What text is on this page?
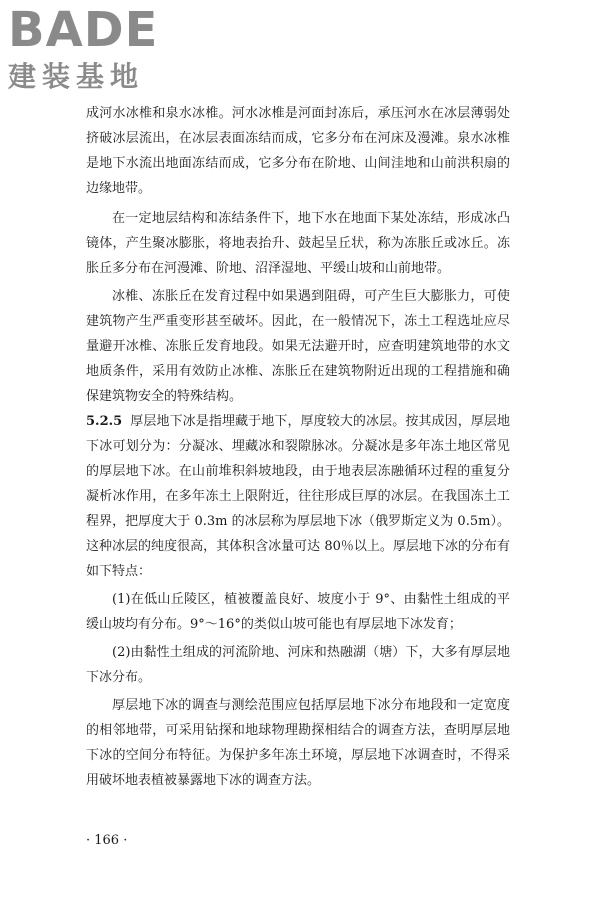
BADE
建装基地

成河水冰椎和泉水冰椎。河水冰椎是河面封冻后，承压河水在冰层薄弱处挤破冰层流出，在冰层表面冻结而成，它多分布在河床及漫滩。泉水冰椎是地下水流出地面冻结而成，它多分布在阶地、山间洼地和山前洪积扇的边缘地带。

在一定地层结构和冻结条件下，地下水在地面下某处冻结，形成冰凸镜体，产生聚冰膨胀，将地表抬升、鼓起呈丘状，称为冻胀丘或冰丘。冻胀丘多分布在河漫滩、阶地、沼泽湿地、平缓山坡和山前地带。

冰椎、冻胀丘在发育过程中如果遇到阻碍，可产生巨大膨胀力，可使建筑物产生严重变形甚至破坏。因此，在一般情况下，冻土工程选址应尽量避开冰椎、冻胀丘发育地段。如果无法避开时，应查明建筑地带的水文地质条件，采用有效防止冰椎、冻胀丘在建筑物附近出现的工程措施和确保建筑物安全的特殊结构。

5.2.5 厚层地下冰是指埋藏于地下，厚度较大的冰层。按其成因，厚层地下冰可划分为：分凝冰、埋藏冰和裂隙脉冰。分凝冰是多年冻土地区常见的厚层地下冰。在山前堆积斜坡地段，由于地表层冻融循环过程的重复分凝析冰作用，在多年冻土上限附近，往往形成巨厚的冰层。在我国冻土工程界，把厚度大于 0.3m 的冰层称为厚层地下冰（俄罗斯定义为 0.5m）。这种冰层的纯度很高，其体积含冰量可达 80％以上。厚层地下冰的分布有如下特点：

(1)在低山丘陵区，植被覆盖良好、坡度小于 9°、由黏性土组成的平缓山坡均有分布。9°～16°的类似山坡可能也有厚层地下冰发育；

(2)由黏性土组成的河流阶地、河床和热融湖（塘）下，大多有厚层地下冰分布。

厚层地下冰的调查与测绘范围应包括厚层地下冰分布地段和一定宽度的相邻地带，可采用钻探和地球物理勘探相结合的调查方法，查明厚层地下冰的空间分布特征。为保护多年冻土环境，厚层地下冰调查时，不得采用破坏地表植被暴露地下冰的调查方法。

· 166 ·
